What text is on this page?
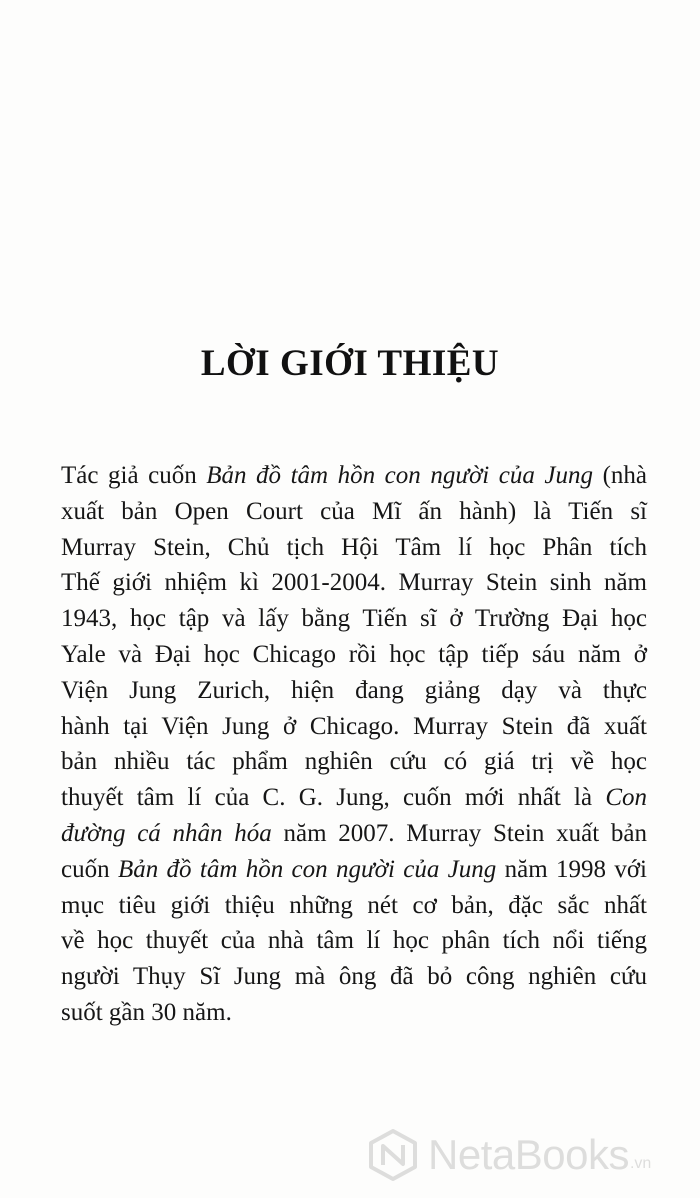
LỜI GIỚI THIỆU
Tác giả cuốn Bản đồ tâm hồn con người của Jung (nhà
xuất bản Open Court của Mĩ ấn hành) là Tiến sĩ
Murray Stein, Chủ tịch Hội Tâm lí học Phân tích
Thế giới nhiệm kì 2001-2004. Murray Stein sinh năm
1943, học tập và lấy bằng Tiến sĩ ở Trường Đại học
Yale và Đại học Chicago rồi học tập tiếp sáu năm ở
Viện Jung Zurich, hiện đang giảng dạy và thực
hành tại Viện Jung ở Chicago. Murray Stein đã xuất
bản nhiều tác phẩm nghiên cứu có giá trị về học
thuyết tâm lí của C. G. Jung, cuốn mới nhất là Con
đường cá nhân hóa năm 2007. Murray Stein xuất bản
cuốn Bản đồ tâm hồn con người của Jung năm 1998 với
mục tiêu giới thiệu những nét cơ bản, đặc sắc nhất
về học thuyết của nhà tâm lí học phân tích nổi tiếng
người Thụy Sĩ Jung mà ông đã bỏ công nghiên cứu
suốt gần 30 năm.
NetaBooks .vn
